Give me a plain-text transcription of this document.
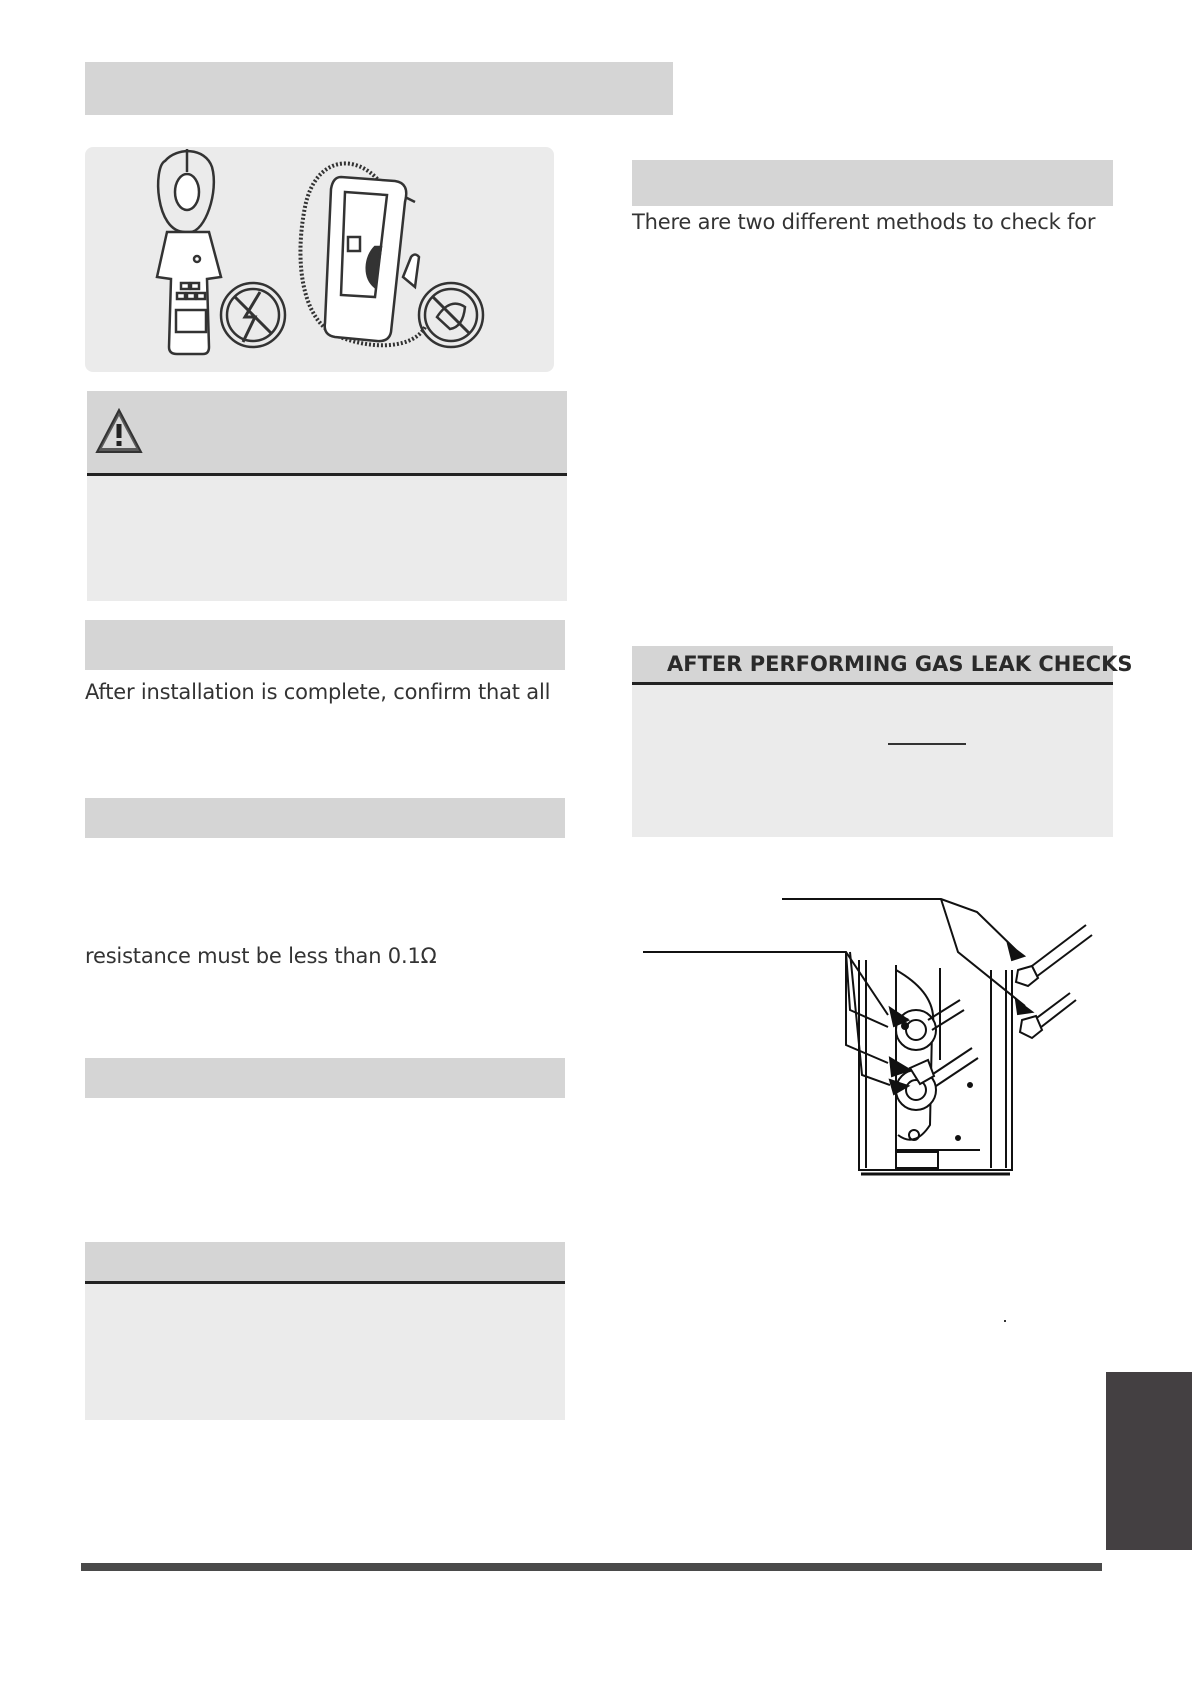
After installation is complete, confirm that all
resistance must be less than 0.1Ω
There are two different methods to check for
AFTER PERFORMING GAS LEAK CHECKS
